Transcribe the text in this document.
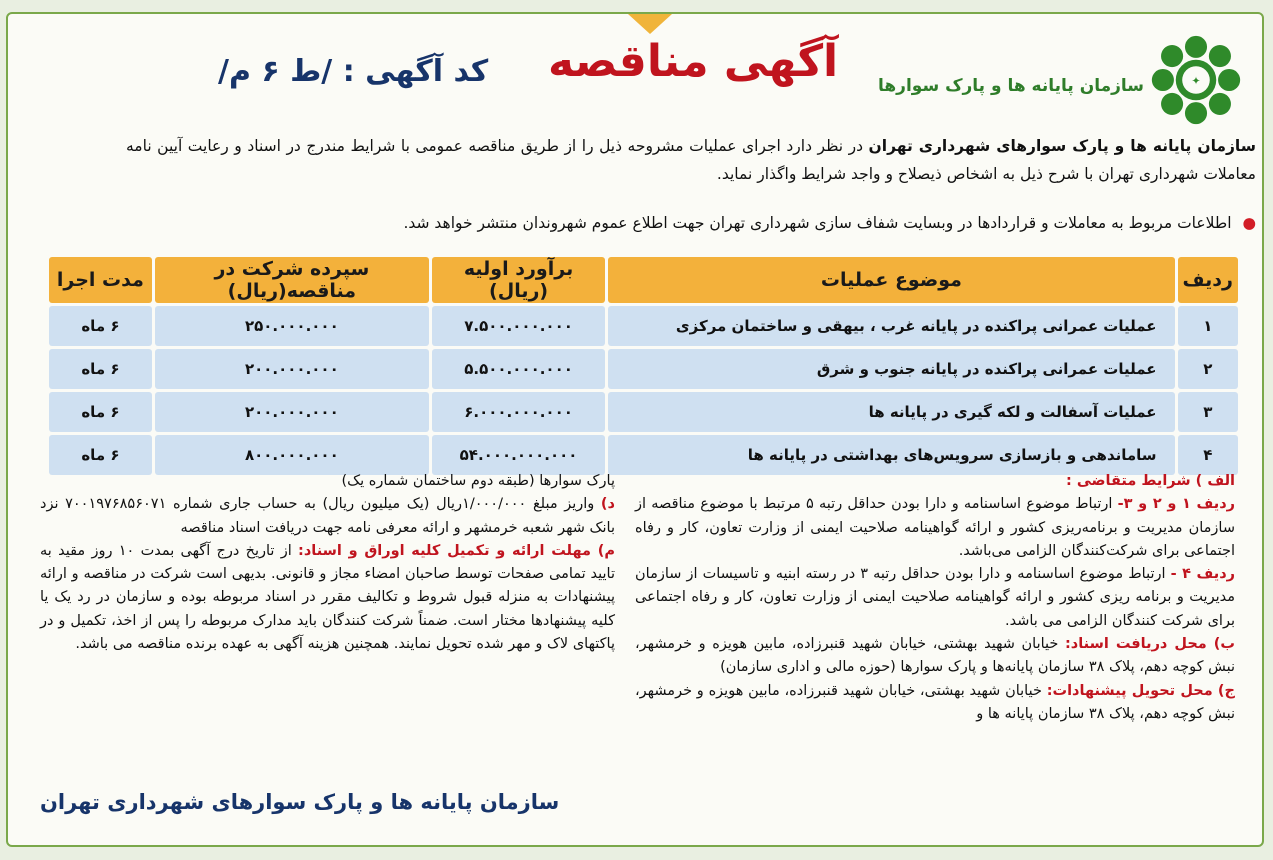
✦
سازمان پایانه ها و پارک سوارها
آگهی مناقصه
کد آگهی : /ط ۶ م/
سازمان پایانه ها و پارک سوارهای شهرداری تهران در نظر دارد اجرای عملیات مشروحه ذیل را از طریق مناقصه عمومی با شرایط مندرج در اسناد و رعایت آیین نامه معاملات شهرداری تهران با شرح ذیل به اشخاص ذیصلاح و واجد شرایط واگذار نماید.
● اطلاعات مربوط به معاملات و قراردادها در وبسایت شفاف سازی شهرداری تهران جهت اطلاع عموم شهروندان منتشر خواهد شد.
ردیف	موضوع عملیات	برآورد اولیه (ریال)	سپرده شرکت در مناقصه(ریال)	مدت اجرا
۱	عملیات عمرانی پراکنده در پایانه غرب ، بیهقی و ساختمان مرکزی	۷.۵۰۰.۰۰۰.۰۰۰	۲۵۰.۰۰۰.۰۰۰	۶ ماه
۲	عملیات عمرانی پراکنده در پایانه جنوب و شرق	۵.۵۰۰.۰۰۰.۰۰۰	۲۰۰.۰۰۰.۰۰۰	۶ ماه
۳	عملیات آسفالت و لکه گیری در پایانه ها	۶.۰۰۰.۰۰۰.۰۰۰	۲۰۰.۰۰۰.۰۰۰	۶ ماه
۴	ساماندهی و بازسازی سرویس‌های بهداشتی در پایانه ها	۵۴.۰۰۰.۰۰۰.۰۰۰	۸۰۰.۰۰۰.۰۰۰	۶ ماه

الف ) شرایط متقاضی :

ردیف ۱ و ۲ و ۳- ارتباط موضوع اساسنامه و دارا بودن حداقل رتبه ۵ مرتبط با موضوع مناقصه از سازمان مدیریت و برنامه‌ریزی کشور و ارائه گواهینامه صلاحیت ایمنی از وزارت تعاون، کار و رفاه اجتماعی برای شرکت‌کنندگان الزامی می‌باشد.

ردیف ۴ - ارتباط موضوع اساسنامه و دارا بودن حداقل رتبه ۳ در رسته ابنیه و تاسیسات از سازمان مدیریت و برنامه ریزی کشور و ارائه گواهینامه صلاحیت ایمنی از وزارت تعاون، کار و رفاه اجتماعی برای شرکت کنندگان الزامی می باشد.

ب) محل دریافت اسناد: خیابان شهید بهشتی، خیابان شهید قنبرزاده، مابین هویزه و خرمشهر، نبش کوچه دهم، پلاک ۳۸ سازمان پایانه‌ها و پارک سوارها (حوزه مالی و اداری سازمان)

ج) محل تحویل پیشنهادات: خیابان شهید بهشتی، خیابان شهید قنبرزاده، مابین هویزه و خرمشهر، نبش کوچه دهم، پلاک ۳۸ سازمان پایانه ها و

پارک سوارها (طبقه دوم ساختمان شماره یک)

د) واریز مبلغ ۱/۰۰۰/۰۰۰ریال (یک میلیون ریال) به حساب جاری شماره ۷۰۰۱۹۷۶۸۵۶۰۷۱ نزد بانک شهر شعبه خرمشهر و ارائه معرفی نامه جهت دریافت اسناد مناقصه

م) مهلت ارائه و تکمیل کلیه اوراق و اسناد: از تاریخ درج آگهی بمدت ۱۰ روز مقید به تایید تمامی صفحات توسط صاحبان امضاء مجاز و قانونی. بدیهی است شرکت در مناقصه و ارائه پیشنهادات به منزله قبول شروط و تکالیف مقرر در اسناد مربوطه بوده و سازمان در رد یک یا کلیه پیشنهادها مختار است. ضمناً شرکت کنندگان باید مدارک مربوطه را پس از اخذ، تکمیل و در پاکتهای لاک و مهر شده تحویل نمایند. همچنین هزینه آگهی به عهده برنده مناقصه می باشد.

سازمان پایانه ها و پارک سوارهای شهرداری تهران
